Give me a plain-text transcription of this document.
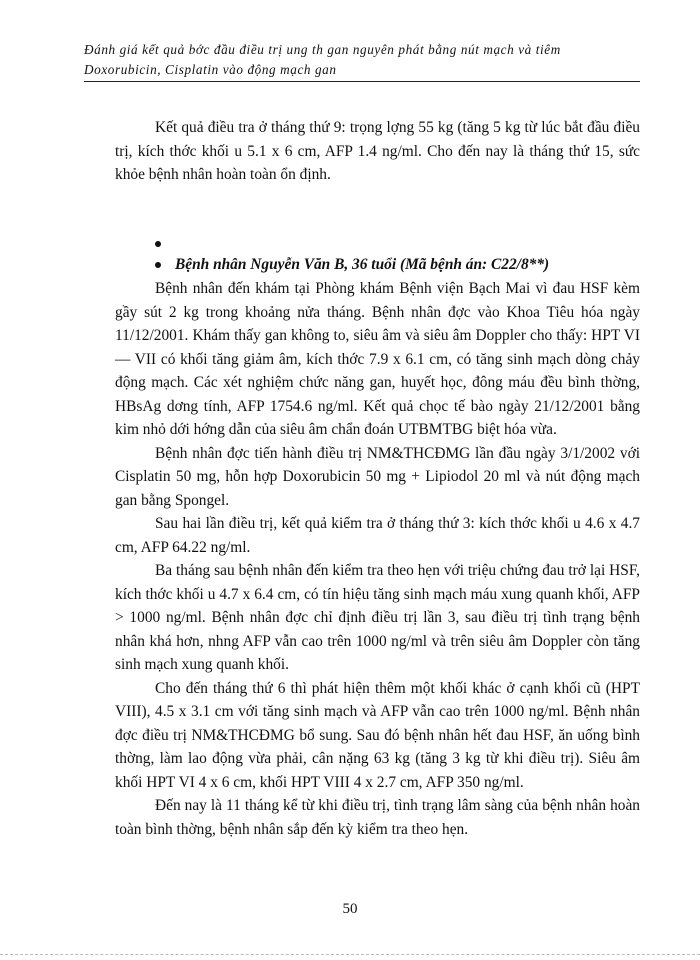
Đánh giá kết quả bớc đầu điều trị ung th gan nguyên phát bằng nút mạch và tiêm
Doxorubicin, Cisplatin vào động mạch gan

Kết quả điều tra ở tháng thứ 9: trọng lợng 55 kg (tăng 5 kg từ lúc bắt đầu điều trị, kích thớc khối u 5.1 x 6 cm, AFP 1.4 ng/ml. Cho đến nay là tháng thứ 15, sức khỏe bệnh nhân hoàn toàn ổn định.

Bệnh nhân Nguyễn Văn B, 36 tuổi (Mã bệnh án: C22/8**)

Bệnh nhân đến khám tại Phòng khám Bệnh viện Bạch Mai vì đau HSF kèm gầy sút 2 kg trong khoảng nửa tháng. Bệnh nhân đợc vào Khoa Tiêu hóa ngày 11/12/2001. Khám thấy gan không to, siêu âm và siêu âm Doppler cho thấy: HPT VI — VII có khối tăng giảm âm, kích thớc 7.9 x 6.1 cm, có tăng sinh mạch dòng chảy động mạch. Các xét nghiệm chức năng gan, huyết học, đông máu đều bình thờng, HBsAg dơng tính, AFP 1754.6 ng/ml. Kết quả chọc tế bào ngày 21/12/2001 bằng kim nhỏ dới hớng dẫn của siêu âm chẩn đoán UTBMTBG biệt hóa vừa.

Bệnh nhân đợc tiến hành điều trị NM&THCĐMG lần đầu ngày 3/1/2002 với Cisplatin 50 mg, hỗn hợp Doxorubicin 50 mg + Lipiodol 20 ml và nút động mạch gan bằng Spongel.

Sau hai lần điều trị, kết quả kiểm tra ở tháng thứ 3: kích thớc khối u 4.6 x 4.7 cm, AFP 64.22 ng/ml.

Ba tháng sau bệnh nhân đến kiểm tra theo hẹn với triệu chứng đau trở lại HSF, kích thớc khối u 4.7 x 6.4 cm, có tín hiệu tăng sinh mạch máu xung quanh khối, AFP > 1000 ng/ml. Bệnh nhân đợc chỉ định điều trị lần 3, sau điều trị tình trạng bệnh nhân khá hơn, nhng AFP vẫn cao trên 1000 ng/ml và trên siêu âm Doppler còn tăng sinh mạch xung quanh khối.

Cho đến tháng thứ 6 thì phát hiện thêm một khối khác ở cạnh khối cũ (HPT VIII), 4.5 x 3.1 cm với tăng sinh mạch và AFP vẫn cao trên 1000 ng/ml. Bệnh nhân đợc điều trị NM&THCĐMG bổ sung. Sau đó bệnh nhân hết đau HSF, ăn uống bình thờng, làm lao động vừa phải, cân nặng 63 kg (tăng 3 kg từ khi điều trị). Siêu âm khối HPT VI 4 x 6 cm, khối HPT VIII 4 x 2.7 cm, AFP 350 ng/ml.

Đến nay là 11 tháng kể từ khi điều trị, tình trạng lâm sàng của bệnh nhân hoàn toàn bình thờng, bệnh nhân sắp đến kỳ kiểm tra theo hẹn.

50
